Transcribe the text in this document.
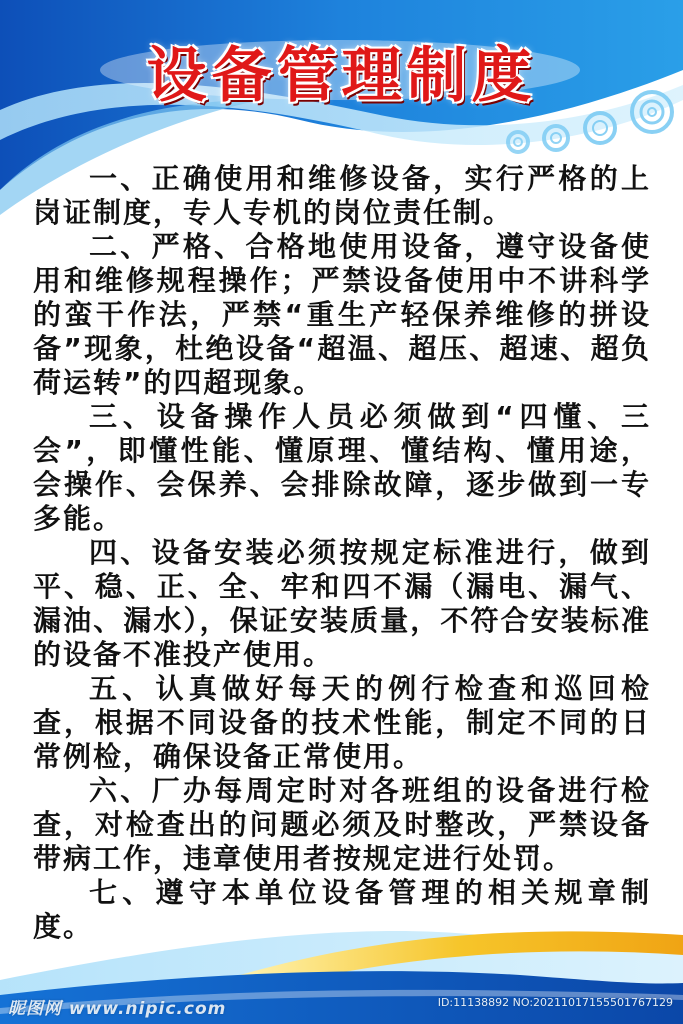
设备管理制度

一、正确使用和维修设备，实行严格的上岗证制度，专人专机的岗位责任制。

二、严格、合格地使用设备，遵守设备使用和维修规程操作；严禁设备使用中不讲科学的蛮干作法，严禁“重生产轻保养维修的拼设备”现象，杜绝设备“超温、超压、超速、超负荷运转”的四超现象。

三、设备操作人员必须做到“四懂、三会”，即懂性能、懂原理、懂结构、懂用途，会操作、会保养、会排除故障，逐步做到一专多能。

四、设备安装必须按规定标准进行，做到平、稳、正、全、牢和四不漏（漏电、漏气、漏油、漏水），保证安装质量，不符合安装标准的设备不准投产使用。

五、认真做好每天的例行检查和巡回检查，根据不同设备的技术性能，制定不同的日常例检，确保设备正常使用。

六、厂办每周定时对各班组的设备进行检查，对检查出的问题必须及时整改，严禁设备带病工作，违章使用者按规定进行处罚。

七、遵守本单位设备管理的相关规章制度。

昵图网 www.nipic.com	ID:11138892 NO:20211017155501767129
